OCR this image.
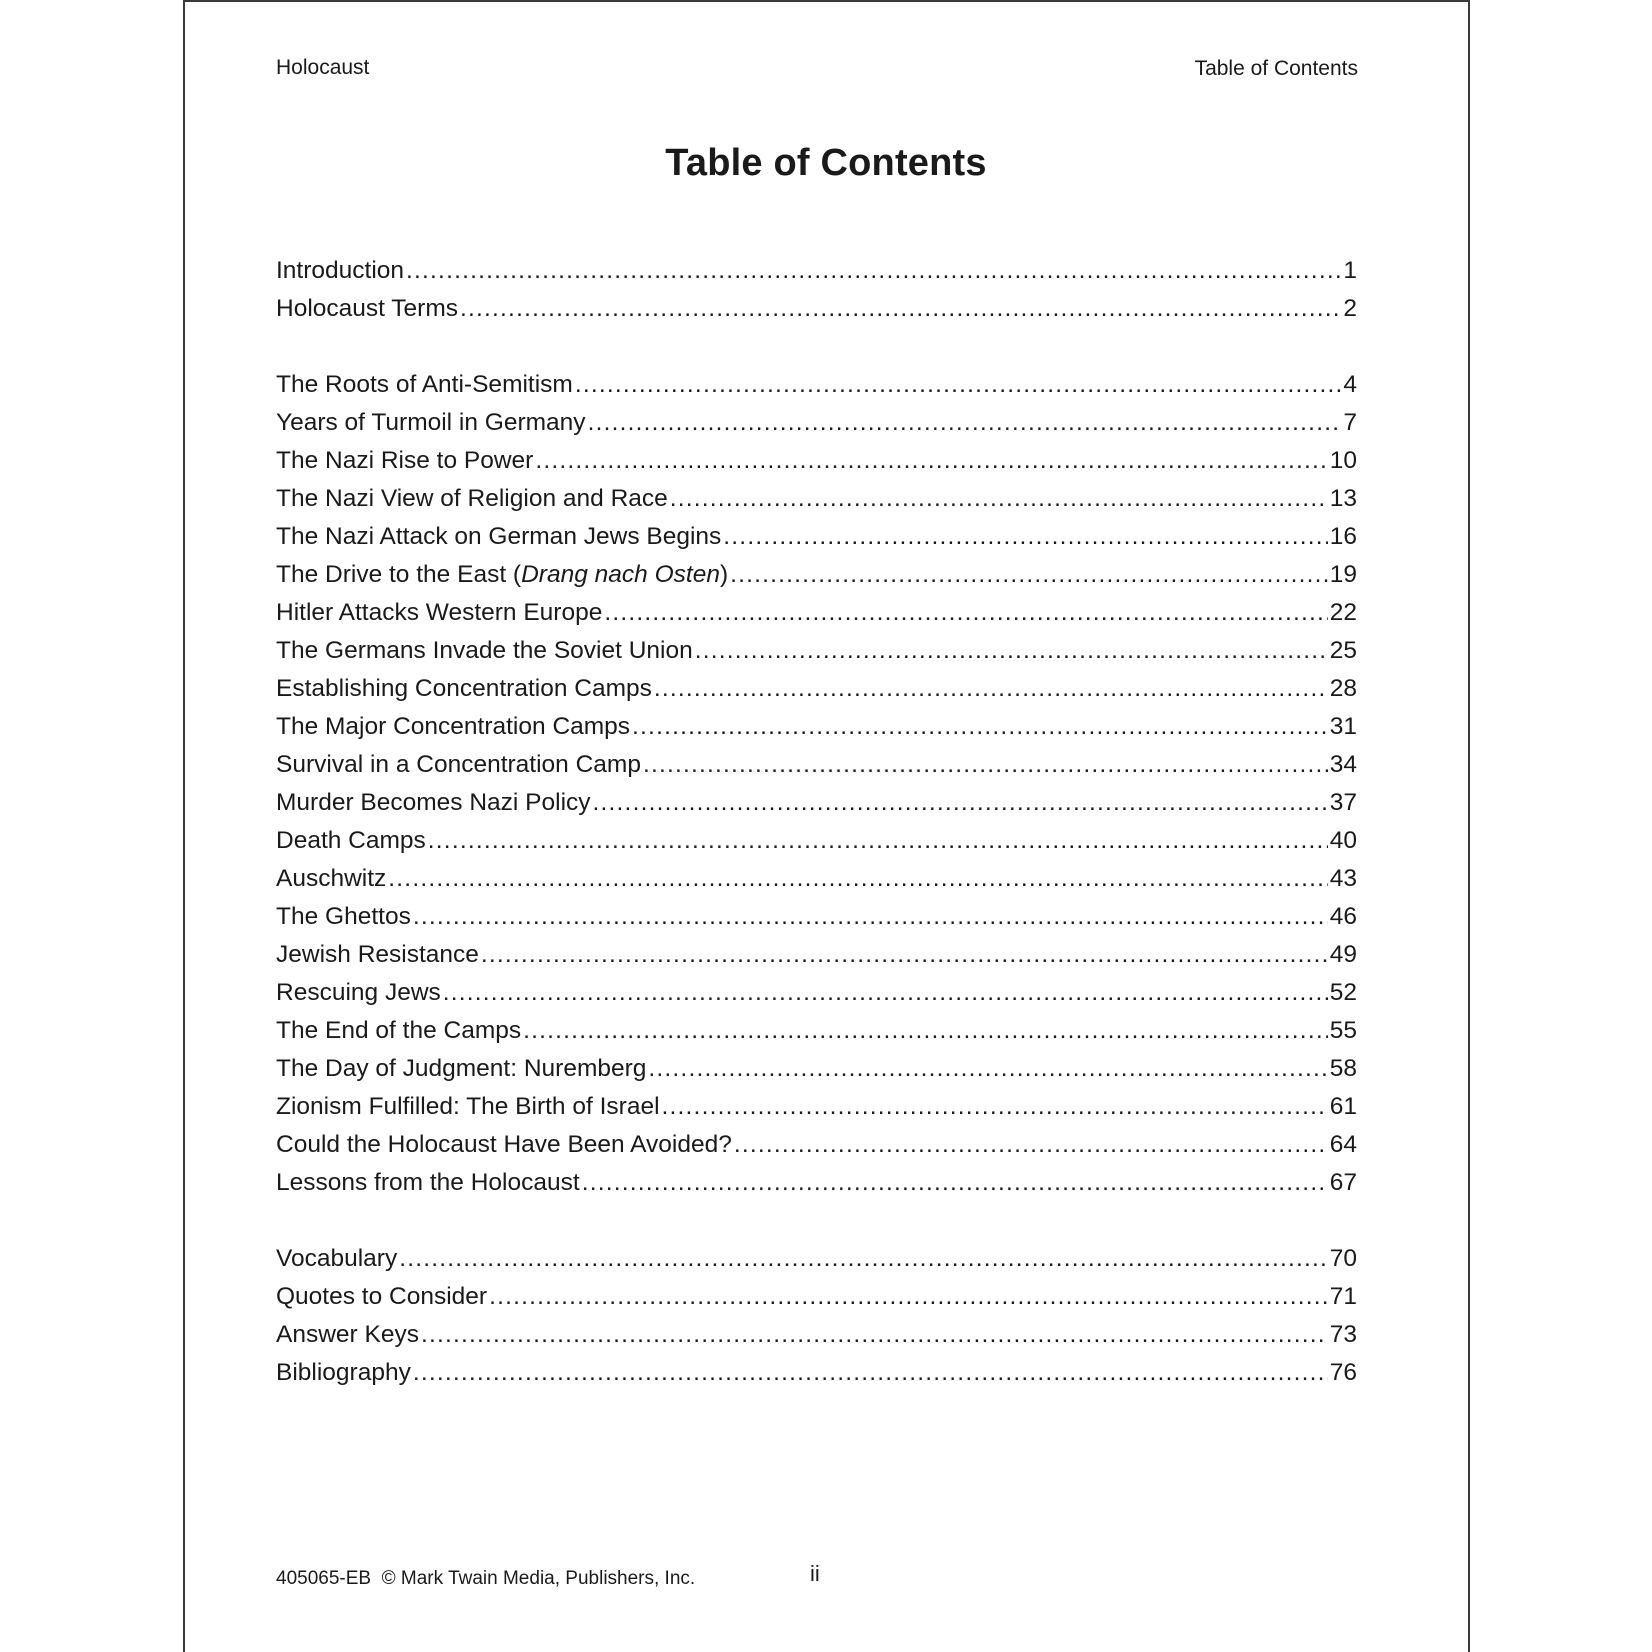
Holocaust	Table of Contents
Table of Contents
Introduction .....	1
Holocaust Terms .....	2
The Roots of Anti-Semitism .....	4
Years of Turmoil in Germany .....	7
The Nazi Rise to Power .....	10
The Nazi View of Religion and Race .....	13
The Nazi Attack on German Jews Begins .....	16
The Drive to the East (Drang nach Osten) .....	19
Hitler Attacks Western Europe .....	22
The Germans Invade the Soviet Union .....	25
Establishing Concentration Camps .....	28
The Major Concentration Camps .....	31
Survival in a Concentration Camp .....	34
Murder Becomes Nazi Policy .....	37
Death Camps .....	40
Auschwitz .....	43
The Ghettos .....	46
Jewish Resistance .....	49
Rescuing Jews .....	52
The End of the Camps .....	55
The Day of Judgment: Nuremberg .....	58
Zionism Fulfilled: The Birth of Israel .....	61
Could the Holocaust Have Been Avoided? .....	64
Lessons from the Holocaust .....	67
Vocabulary .....	70
Quotes to Consider .....	71
Answer Keys .....	73
Bibliography .....	76
405065-EB  © Mark Twain Media, Publishers, Inc.	ii
